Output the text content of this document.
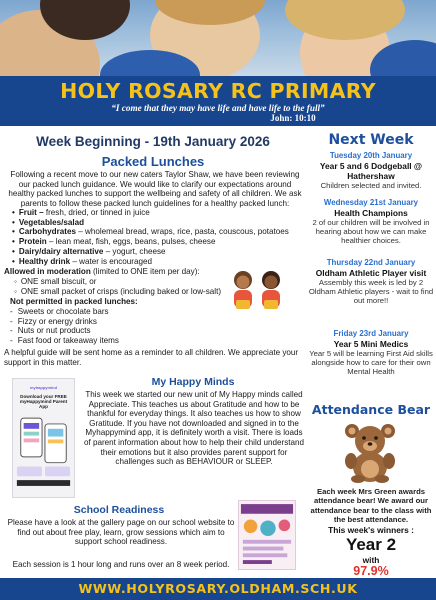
HOLY ROSARY RC PRIMARY
“I come that they may have life and have life to the full”
John: 10:10
Week Beginning - 19th January 2026
Packed Lunches
Following a recent move to our new caters Taylor Shaw, we have been reviewing our packed lunch guidance. We would like to clarify our expectations around healthy packed lunches to support the wellbeing and safety of all children. We ask parents to follow these packed lunch guidelines for a healthy packed lunch:
• Fruit – fresh, dried, or tinned in juice
• Vegetables/salad
• Carbohydrates – wholemeal bread, wraps, rice, pasta, couscous, potatoes
• Protein – lean meat, fish, eggs, beans, pulses, cheese
• Dairy/dairy alternative – yogurt, cheese
• Healthy drink – water is encouraged
Allowed in moderation (limited to ONE item per day):
◦ ONE small biscuit, or
◦ ONE small packet of crisps (including baked or low-salt)
Not permitted in packed lunches:
- Sweets or chocolate bars
- Fizzy or energy drinks
- Nuts or nut products
- Fast food or takeaway items
A helpful guide will be sent home as a reminder to all children. We appreciate your support in this matter.
myhappymind
Download your FREE myHappymind Parent App
My Happy Minds
This week we started our new unit of My Happy minds called Appreciate. This teaches us about Gratitude and how to be thankful for everyday things. It also teaches us how to show Gratitude. If you have not downloaded and signed in to the Myhappymind app, it is definitely worth a visit. There is loads of parent information about how to help their child understand their emotions but it also provides parent support for challenges such as BEHAVIOUR or SLEEP.
School Readiness
Please have a look at the gallery page on our school website to find out about free play, learn, grow sessions which aim to support school readiness.
Each session is 1 hour long and runs over an 8 week period.
Next Week
Tuesday 20th January
Year 5 and 6 Dodgeball @ Hathershaw
Children selected and invited.
Wednesday 21st January
Health Champions
2 of our children will be involved in hearing about how we can make healthier choices.
Thursday 22nd January
Oldham Athletic Player visit
Assembly this week is led by 2 Oldham Athletic players - wait to find out more!!
Friday 23rd January
Year 5 Mini Medics
Year 5 will be learning First Aid skills alongside how to care for their own Mental Health
Attendance Bear
Each week Mrs Green awards attendance bear! We award our attendance bear to the class with the best attendance.
This week's winners :
Year 2
with
97.9%
WWW.HOLYROSARY.OLDHAM.SCH.UK
